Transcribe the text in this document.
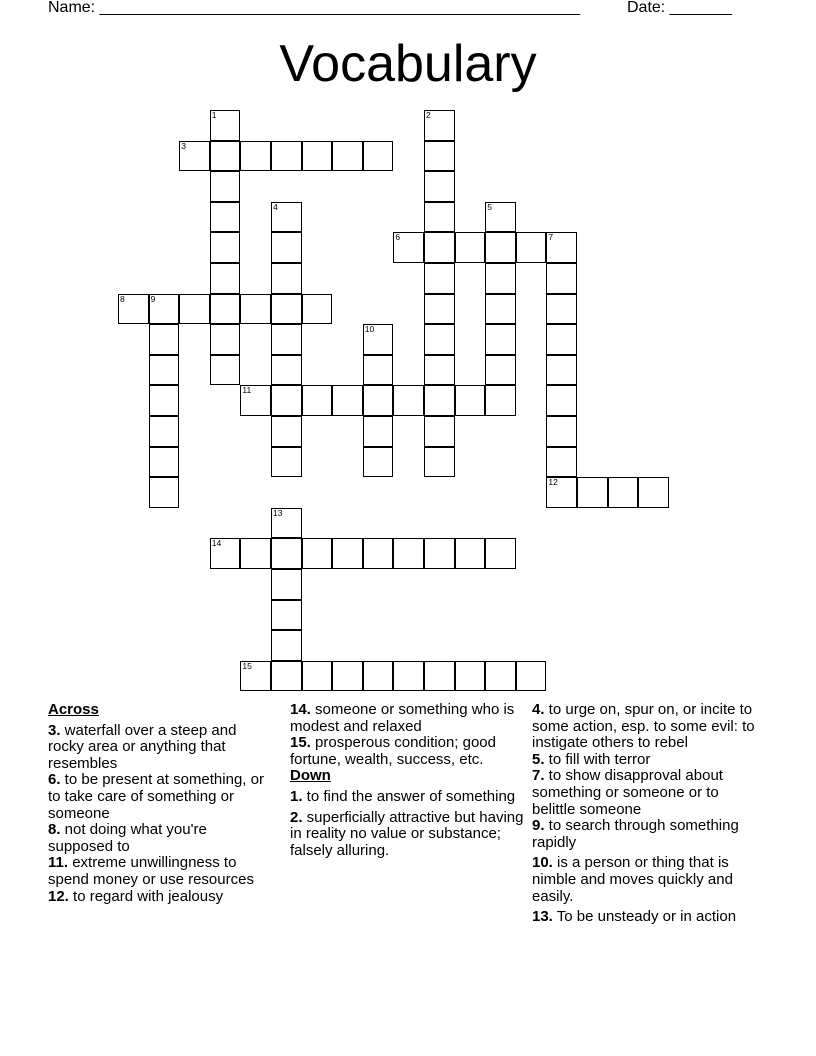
Name: ______________________________________________________	Date: _______
Vocabulary
1	2
3
4	5
6	7
12
8	9
10
11
13
14
15
Across

3. waterfall over a steep and rocky area or anything that resembles

6. to be present at something, or to take care of something or someone

8. not doing what you're supposed to

11. extreme unwillingness to spend money or use resources

12. to regard with jealousy

14. someone or something who is modest and relaxed

15. prosperous condition; good fortune, wealth, success, etc.

Down

1. to find the answer of something

2. superficially attractive but having in reality no value or substance; falsely alluring.

4. to urge on, spur on, or incite to some action, esp. to some evil: to instigate others to rebel

5. to fill with terror

7. to show disapproval about something or someone or to belittle someone

9. to search through something rapidly

10. is a person or thing that is nimble and moves quickly and easily.

13. To be unsteady or in action
